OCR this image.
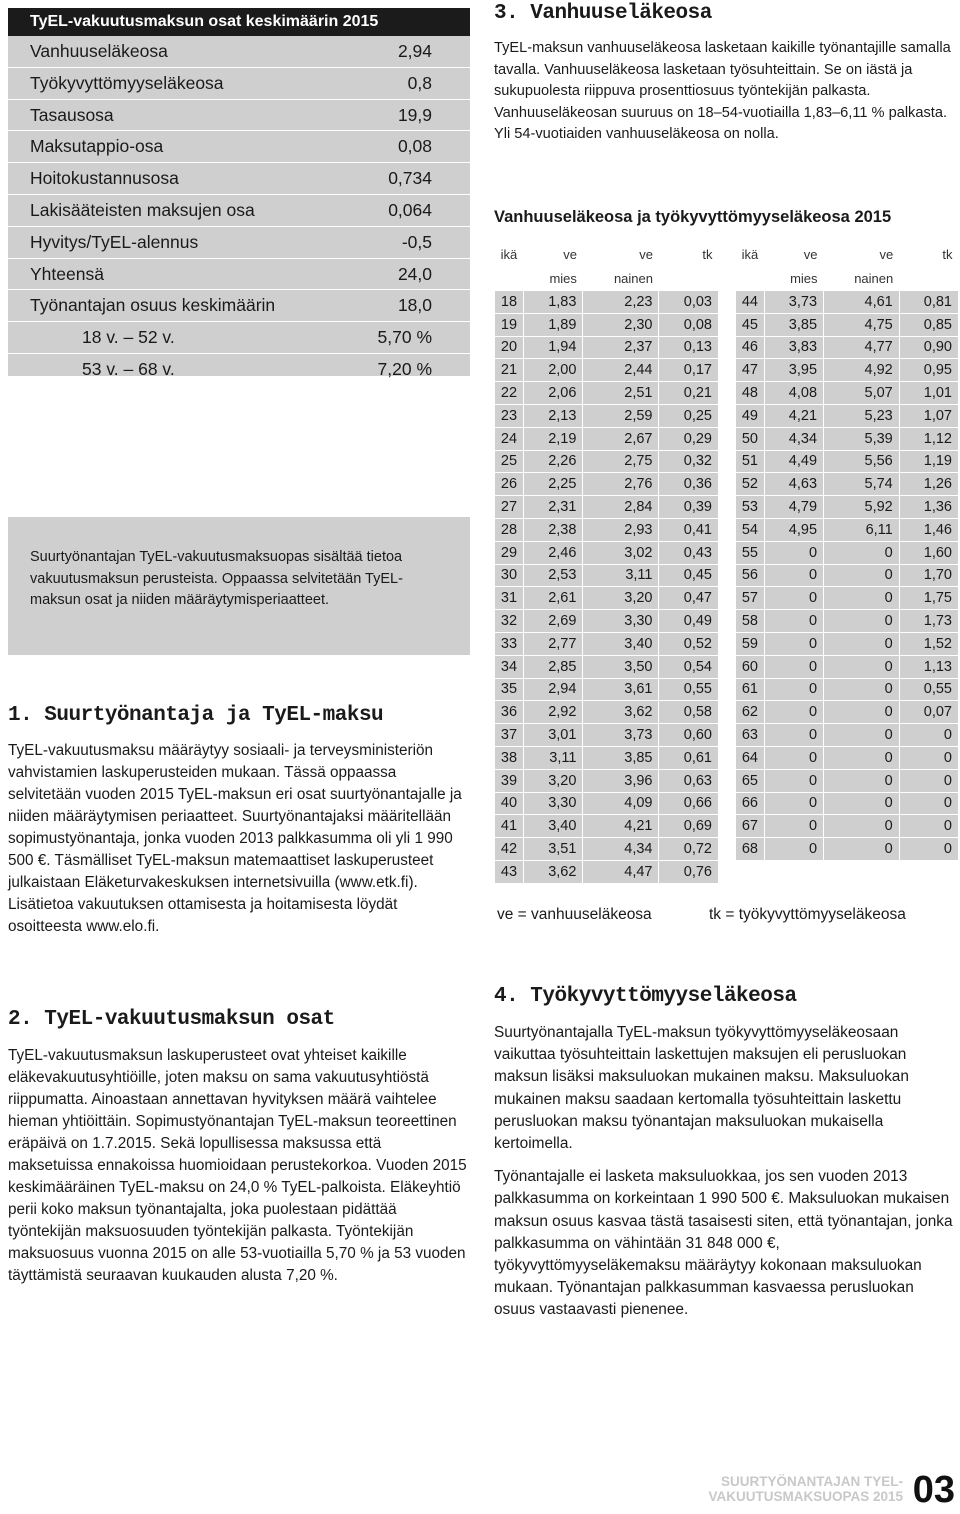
TyEL-vakuutusmaksun osat keskimäärin 2015
Vanhuuseläkeosa	2,94
Työkyvyttömyyseläkeosa	0,8
Tasausosa	19,9
Maksutappio-osa	0,08
Hoitokustannusosa	0,734
Lakisääteisten maksujen osa	0,064
Hyvitys/TyEL-alennus	-0,5
Yhteensä	24,0
Työnantajan osuus keskimäärin	18,0
18 v. – 52 v.	5,70 %
53 v. – 68 v.	7,20 %

Suurtyönantajan TyEL-vakuutusmaksuopas sisältää tietoa vakuutusmaksun perusteista. Oppaassa selvitetään TyEL-maksun osat ja niiden määräytymisperiaatteet.

1. Suurtyönantaja ja TyEL-maksu

TyEL-vakuutusmaksu määräytyy sosiaali- ja terveysministeriön vahvistamien laskuperusteiden mukaan. Tässä oppaassa selvitetään vuoden 2015 TyEL-maksun eri osat suurtyönantajalle ja niiden määräytymisen periaatteet. Suurtyönantajaksi määritellään sopimustyönantaja, jonka vuoden 2013 palkkasumma oli yli 1 990 500 €. Täsmälliset TyEL-maksun matemaattiset laskuperusteet julkaistaan Eläketurvakeskuksen internetsivuilla (www.etk.fi). Lisätietoa vakuutuksen ottamisesta ja hoitamisesta löydät osoitteesta www.elo.fi.

2. TyEL-vakuutusmaksun osat

TyEL-vakuutusmaksun laskuperusteet ovat yhteiset kaikille eläkevakuutusyhtiöille, joten maksu on sama vakuutusyhtiöstä riippumatta. Ainoastaan annettavan hyvityksen määrä vaihtelee hieman yhtiöittäin. Sopimustyönantajan TyEL-maksun teoreettinen eräpäivä on 1.7.2015. Sekä lopullisessa maksussa että maksetuissa ennakoissa huomioidaan perustekorkoa. Vuoden 2015 keskimääräinen TyEL-maksu on 24,0 % TyEL-palkoista. Eläkeyhtiö perii koko maksun työnantajalta, joka puolestaan pidättää työntekijän maksuosuuden työntekijän palkasta. Työntekijän maksuosuus vuonna 2015 on alle 53-vuotiailla 5,70 % ja 53 vuoden täyttämistä seuraavan kuukauden alusta 7,20 %.

3. Vanhuuseläkeosa

TyEL-maksun vanhuuseläkeosa lasketaan kaikille työnantajille samalla tavalla. Vanhuuseläkeosa lasketaan työsuhteittain. Se on iästä ja sukupuolesta riippuva prosenttiosuus työntekijän palkasta. Vanhuuseläkeosan suuruus on 18–54-vuotiailla 1,83–6,11 % palkasta. Yli 54-vuotiaiden vanhuuseläkeosa on nolla.

Vanhuuseläkeosa ja työkyvyttömyyseläkeosa 2015
ikä	ve	ve	tk
	mies	nainen	
18	1,83	2,23	0,03
19	1,89	2,30	0,08
20	1,94	2,37	0,13
21	2,00	2,44	0,17
22	2,06	2,51	0,21
23	2,13	2,59	0,25
24	2,19	2,67	0,29
25	2,26	2,75	0,32
26	2,25	2,76	0,36
27	2,31	2,84	0,39
28	2,38	2,93	0,41
29	2,46	3,02	0,43
30	2,53	3,11	0,45
31	2,61	3,20	0,47
32	2,69	3,30	0,49
33	2,77	3,40	0,52
34	2,85	3,50	0,54
35	2,94	3,61	0,55
36	2,92	3,62	0,58
37	3,01	3,73	0,60
38	3,11	3,85	0,61
39	3,20	3,96	0,63
40	3,30	4,09	0,66
41	3,40	4,21	0,69
42	3,51	4,34	0,72
43	3,62	4,47	0,76
ikä	ve	ve	tk
	mies	nainen	
44	3,73	4,61	0,81
45	3,85	4,75	0,85
46	3,83	4,77	0,90
47	3,95	4,92	0,95
48	4,08	5,07	1,01
49	4,21	5,23	1,07
50	4,34	5,39	1,12
51	4,49	5,56	1,19
52	4,63	5,74	1,26
53	4,79	5,92	1,36
54	4,95	6,11	1,46
55	0	0	1,60
56	0	0	1,70
57	0	0	1,75
58	0	0	1,73
59	0	0	1,52
60	0	0	1,13
61	0	0	0,55
62	0	0	0,07
63	0	0	0
64	0	0	0
65	0	0	0
66	0	0	0
67	0	0	0
68	0	0	0
ve = vanhuuseläkeosa	tk = työkyvyttömyyseläkeosa
4. Työkyvyttömyyseläkeosa

Suurtyönantajalla TyEL-maksun työkyvyttömyyseläkeosaan vaikuttaa työsuhteittain laskettujen maksujen eli perusluokan maksun lisäksi maksuluokan mukainen maksu. Maksuluokan mukainen maksu saadaan kertomalla työsuhteittain laskettu perusluokan maksu työnantajan maksuluokan mukaisella kertoimella.

Työnantajalle ei lasketa maksuluokkaa, jos sen vuoden 2013 palkkasumma on korkeintaan 1 990 500 €. Maksuluokan mukaisen maksun osuus kasvaa tästä tasaisesti siten, että työnantajan, jonka palkkasumma on vähintään 31 848 000 €, työkyvyttömyyseläkemaksu määräytyy kokonaan maksuluokan mukaan. Työnantajan palkkasumman kasvaessa perusluokan osuus vastaavasti pienenee.

SUURTYÖNANTAJAN TYEL-
VAKUUTUSMAKSUOPAS 2015 03
